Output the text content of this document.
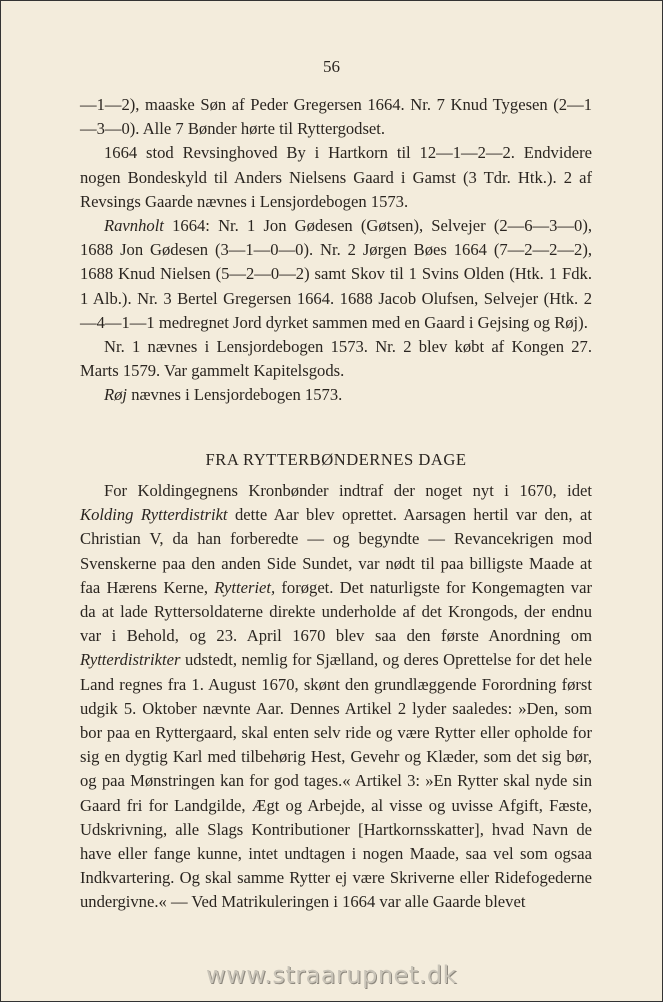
56

—1—2), maaske Søn af Peder Gregersen 1664. Nr. 7 Knud Tygesen (2—1—3—0). Alle 7 Bønder hørte til Ryttergodset.

1664 stod Revsinghoved By i Hartkorn til 12—1—2—2. Endvidere nogen Bondeskyld til Anders Nielsens Gaard i Gamst (3 Tdr. Htk.). 2 af Revsings Gaarde nævnes i Lensjordebogen 1573.

Ravnholt 1664: Nr. 1 Jon Gødesen (Gøtsen), Selvejer (2—6—3—0), 1688 Jon Gødesen (3—1—0—0). Nr. 2 Jørgen Bøes 1664 (7—2—2—2), 1688 Knud Nielsen (5—2—0—2) samt Skov til 1 Svins Olden (Htk. 1 Fdk. 1 Alb.). Nr. 3 Bertel Gregersen 1664. 1688 Jacob Olufsen, Selvejer (Htk. 2—4—1—1 medregnet Jord dyrket sammen med en Gaard i Gejsing og Røj).

Nr. 1 nævnes i Lensjordebogen 1573. Nr. 2 blev købt af Kongen 27. Marts 1579. Var gammelt Kapitelsgods.

Røj nævnes i Lensjordebogen 1573.

FRA RYTTERBØNDERNES DAGE

For Koldingegnens Kronbønder indtraf der noget nyt i 1670, idet Kolding Rytterdistrikt dette Aar blev oprettet. Aarsagen hertil var den, at Christian V, da han forberedte — og begyndte — Revancekrigen mod Svenskerne paa den anden Side Sundet, var nødt til paa billigste Maade at faa Hærens Kerne, Rytteriet, forøget. Det naturligste for Kongemagten var da at lade Ryttersoldaterne direkte underholde af det Krongods, der endnu var i Behold, og 23. April 1670 blev saa den første Anordning om Rytterdistrikter udstedt, nemlig for Sjælland, og deres Oprettelse for det hele Land regnes fra 1. August 1670, skønt den grundlæggende Forordning først udgik 5. Oktober nævnte Aar. Dennes Artikel 2 lyder saaledes: »Den, som bor paa en Ryttergaard, skal enten selv ride og være Rytter eller opholde for sig en dygtig Karl med tilbehørig Hest, Gevehr og Klæder, som det sig bør, og paa Mønstringen kan for god tages.« Artikel 3: »En Rytter skal nyde sin Gaard fri for Landgilde, Ægt og Arbejde, al visse og uvisse Afgift, Fæste, Udskrivning, alle Slags Kontributioner [Hartkornsskatter], hvad Navn de have eller fange kunne, intet undtagen i nogen Maade, saa vel som ogsaa Indkvartering. Og skal samme Rytter ej være Skriverne eller Ridefogederne undergivne.« — Ved Matrikuleringen i 1664 var alle Gaarde blevet

www.straarupnet.dk
